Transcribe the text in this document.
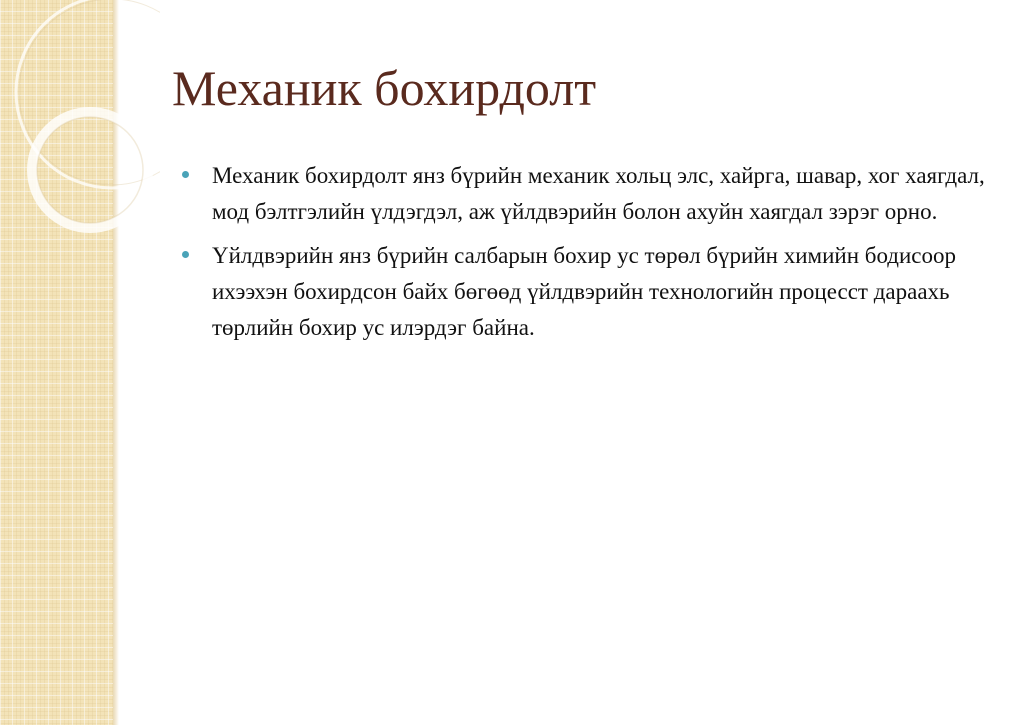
Механик бохирдолт
Механик бохирдолт янз бүрийн механик хольц элс, хайрга, шавар, хог хаягдал, мод бэлтгэлийн үлдэгдэл, аж үйлдвэрийн болон ахуйн хаягдал зэрэг орно.
Үйлдвэрийн янз бүрийн салбарын бохир ус төрөл бүрийн химийн бодисоор ихээхэн бохирдсон байх бөгөөд үйлдвэрийн технологийн процесст дараахь төрлийн бохир ус илэрдэг байна.
